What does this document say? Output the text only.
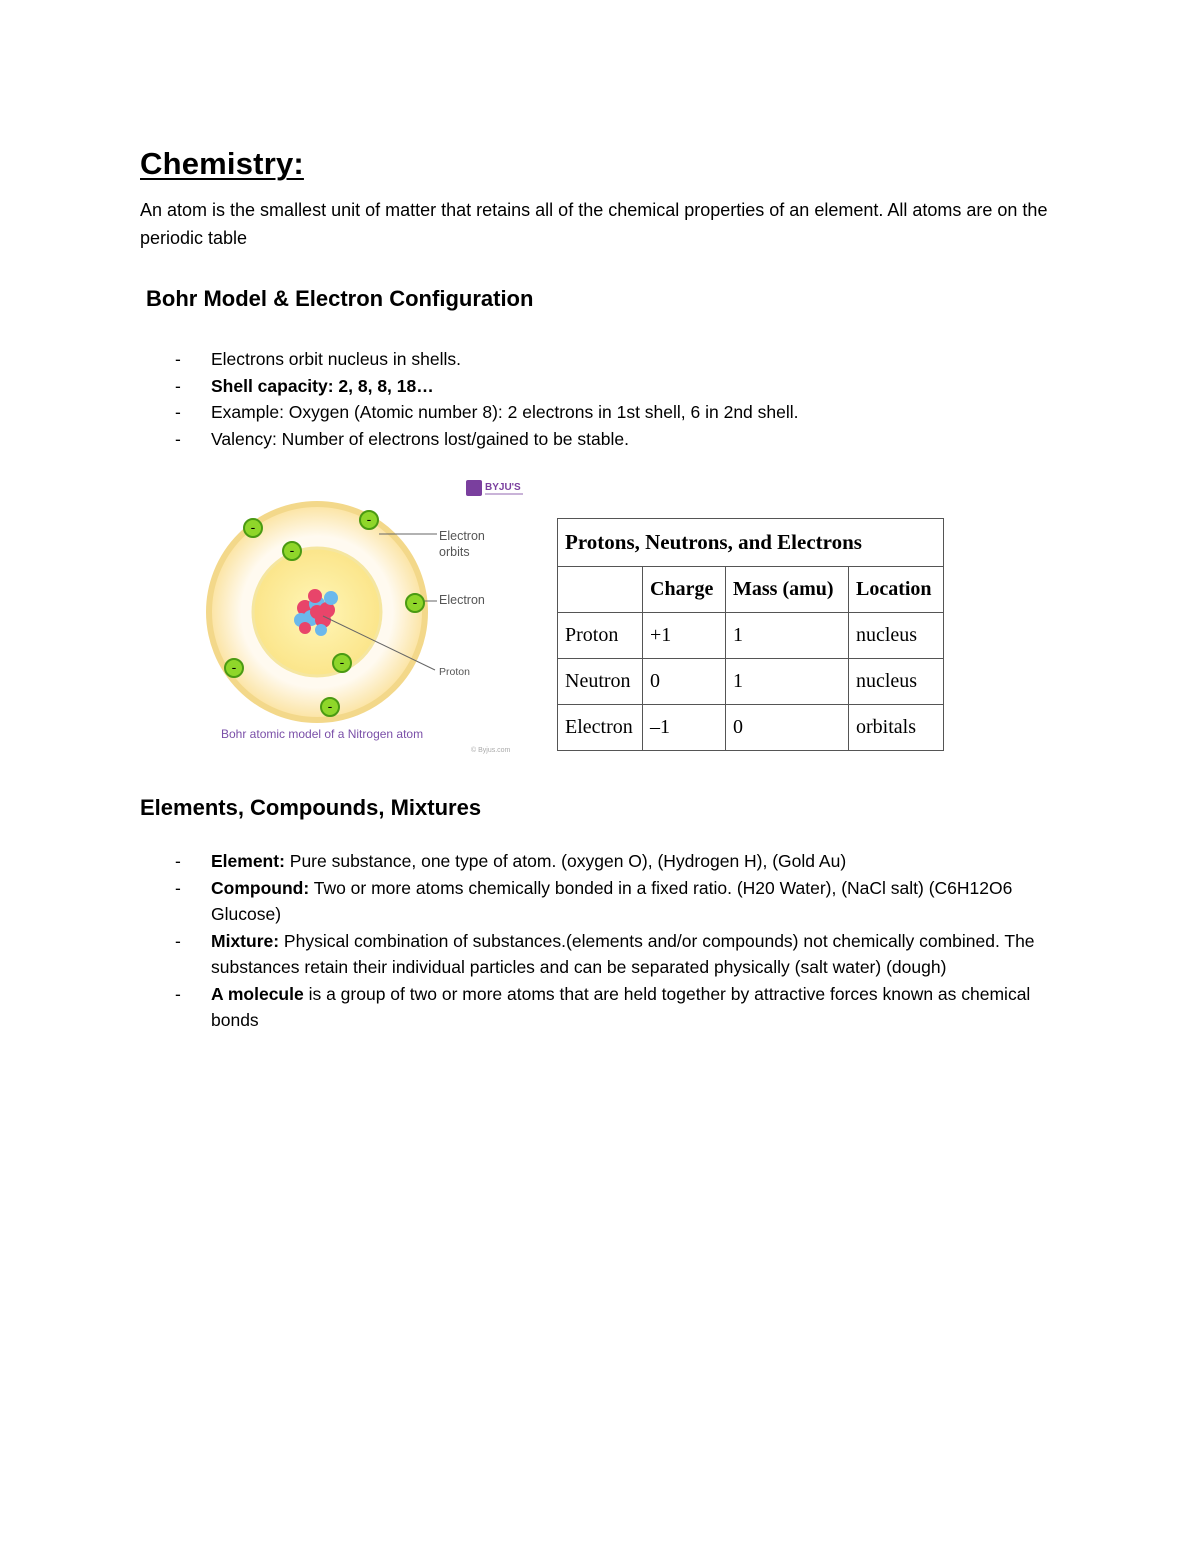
Chemistry:

An atom is the smallest unit of matter that retains all of the chemical properties of an element. All atoms are on the periodic table

Bohr Model & Electron Configuration
- Electrons orbit nucleus in shells.
- Shell capacity: 2, 8, 8, 18…
- Example: Oxygen (Atomic number 8): 2 electrons in 1st shell, 6 in 2nd shell.
- Valency: Number of electrons lost/gained to be stable.
BYJU'S
-
-
-
-
-	-
-
Electron
orbits
Electron
Proton
Bohr atomic model of a Nitrogen atom
© Byjus.com
Protons, Neutrons, and Electrons			
	Charge	Mass (amu)	Location
Proton	+1	1	nucleus
Neutron	0	1	nucleus
Electron	–1	0	orbitals
Elements, Compounds, Mixtures
- Element: Pure substance, one type of atom. (oxygen O), (Hydrogen H), (Gold Au)
- Compound: Two or more atoms chemically bonded in a fixed ratio. (H20 Water), (NaCl salt) (C6H12O6 Glucose)
- Mixture: Physical combination of substances.(elements and/or compounds) not chemically combined. The substances retain their individual particles and can be separated physically (salt water) (dough)
- A molecule is a group of two or more atoms that are held together by attractive forces known as chemical bonds
